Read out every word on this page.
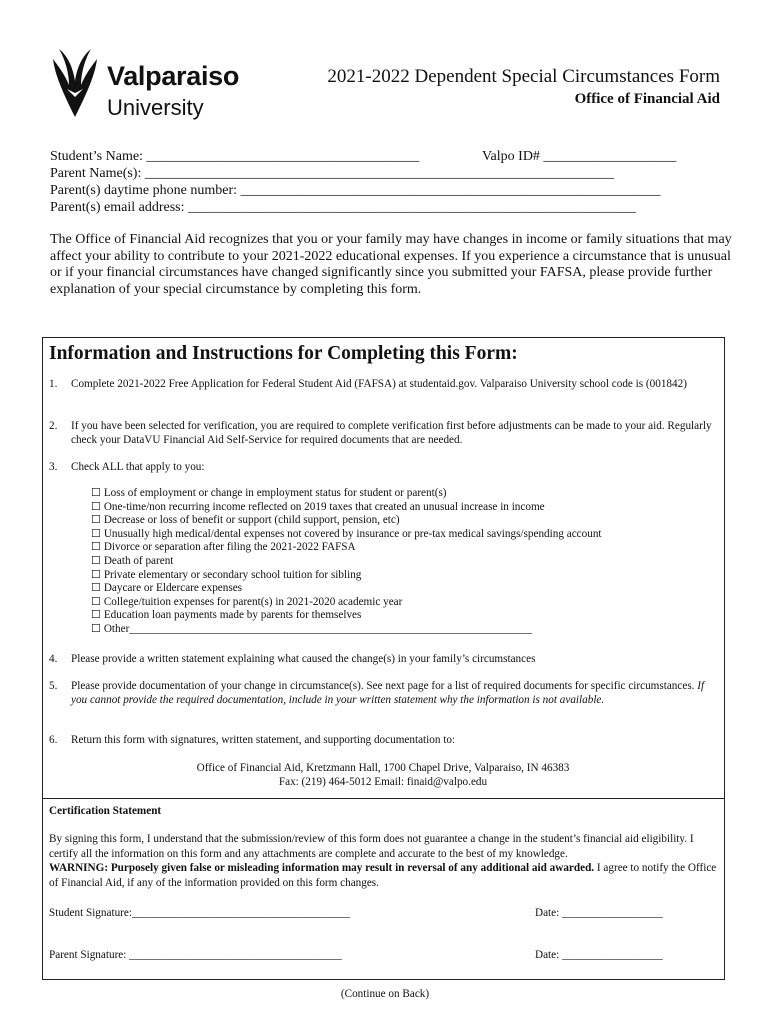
Valparaiso
University
2021-2022 Dependent Special Circumstances Form
Office of Financial Aid
Student’s Name: _______________________________________	Valpo ID# ___________________
Parent Name(s): ___________________________________________________________________
Parent(s) daytime phone number: ____________________________________________________________
Parent(s) email address: ________________________________________________________________
The Office of Financial Aid recognizes that you or your family may have changes in income or family situations that may affect your ability to contribute to your 2021-2022 educational expenses. If you experience a circumstance that is unusual or if your financial circumstances have changed significantly since you submitted your FAFSA, please provide further explanation of your special circumstance by completing this form.
Information and Instructions for Completing this Form:
1. Complete 2021-2022 Free Application for Federal Student Aid (FAFSA) at studentaid.gov. Valparaiso University school code is (001842)
2. If you have been selected for verification, you are required to complete verification first before adjustments can be made to your aid. Regularly check your DataVU Financial Aid Self-Service for required documents that are needed.
3. Check ALL that apply to you:
☐ Loss of employment or change in employment status for student or parent(s)
☐ One-time/non recurring income reflected on 2019 taxes that created an unusual increase in income
☐ Decrease or loss of benefit or support (child support, pension, etc)
☐ Unusually high medical/dental expenses not covered by insurance or pre-tax medical savings/spending account
☐ Divorce or separation after filing the 2021-2022 FAFSA
☐ Death of parent
☐ Private elementary or secondary school tuition for sibling
☐ Daycare or Eldercare expenses
☐ College/tuition expenses for parent(s) in 2021-2020 academic year
☐ Education loan payments made by parents for themselves
☐ Other________________________________________________________________________
4. Please provide a written statement explaining what caused the change(s) in your family’s circumstances
5. Please provide documentation of your change in circumstance(s). See next page for a list of required documents for specific circumstances. If you cannot provide the required documentation, include in your written statement why the information is not available.
6. Return this form with signatures, written statement, and supporting documentation to:
Office of Financial Aid, Kretzmann Hall, 1700 Chapel Drive, Valparaiso, IN 46383
Fax: (219) 464-5012 Email: finaid@valpo.edu
Certification Statement
By signing this form, I understand that the submission/review of this form does not guarantee a change in the student’s financial aid eligibility. I certify all the information on this form and any attachments are complete and accurate to the best of my knowledge.
WARNING: Purposely given false or misleading information may result in reversal of any additional aid awarded. I agree to notify the Office of Financial Aid, if any of the information provided on this form changes.
Student Signature:_______________________________________	Date: __________________
Parent Signature: ______________________________________	Date: __________________
(Continue on Back)
